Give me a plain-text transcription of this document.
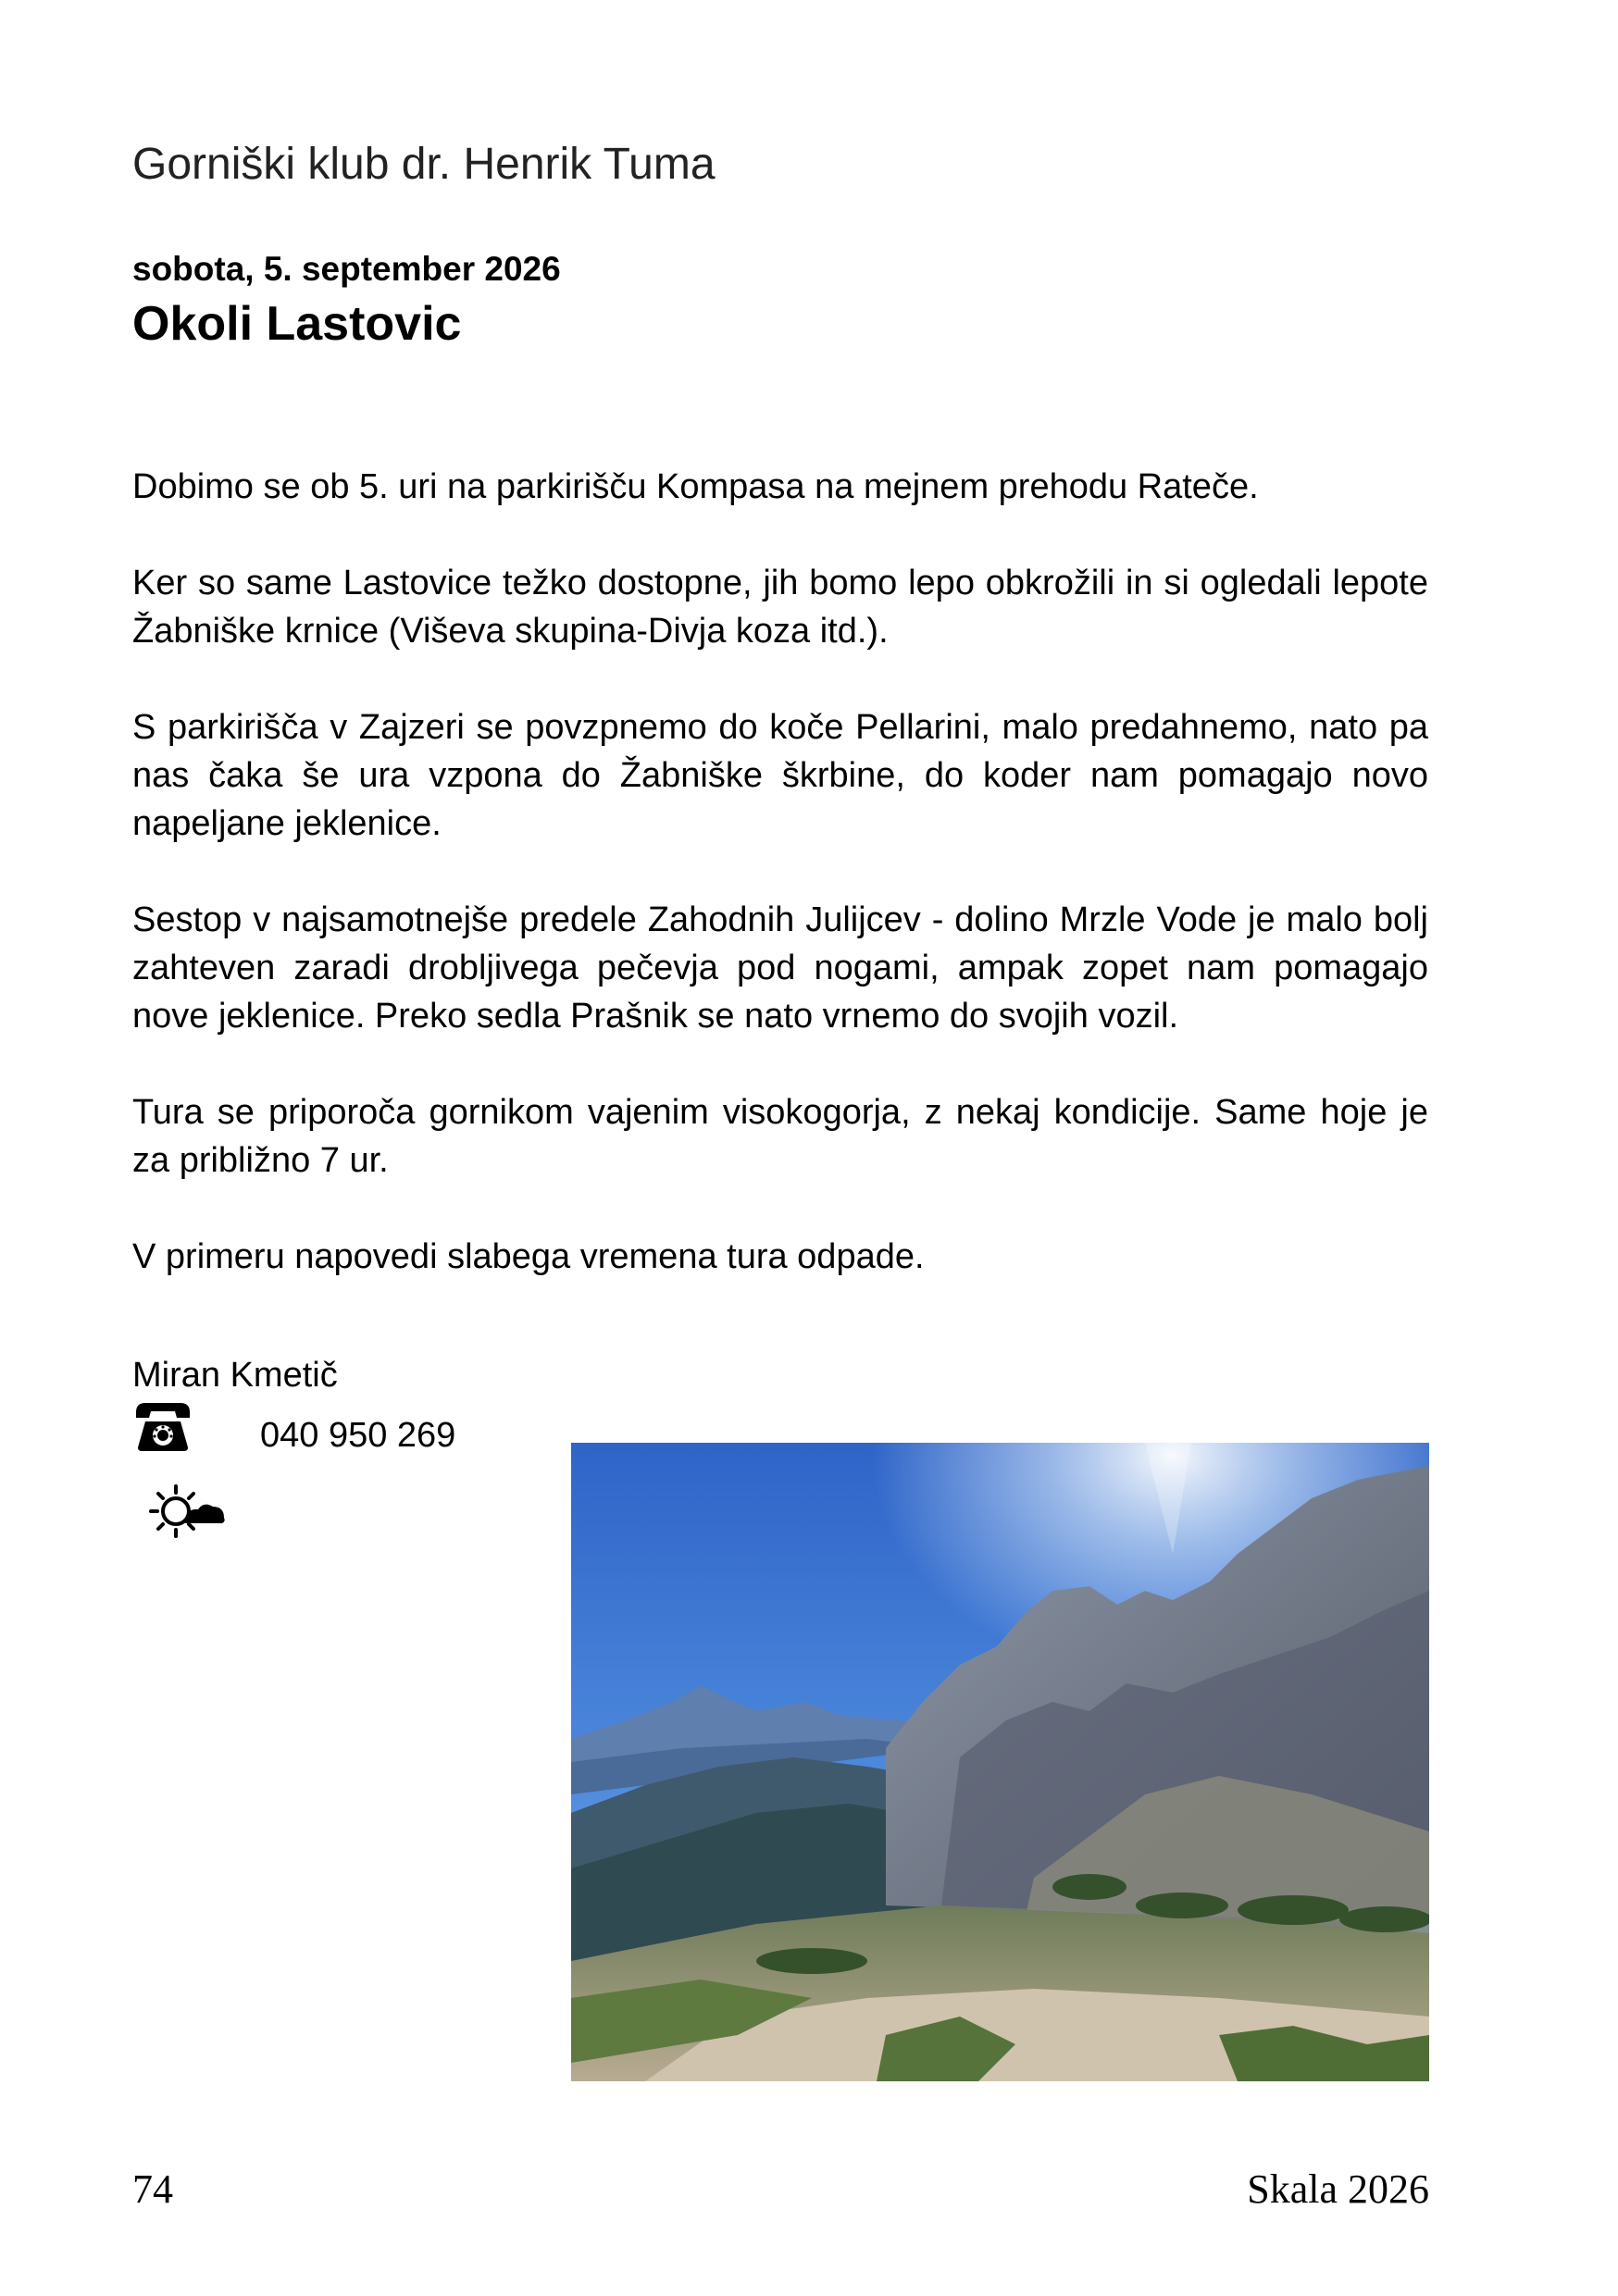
Gorniški klub dr. Henrik Tuma
sobota, 5. september 2026
Okoli Lastovic

Dobimo se ob 5. uri na parkirišču Kompasa na mejnem prehodu Rateče.

Ker so same Lastovice težko dostopne, jih bomo lepo obkrožili in si ogledali lepote Žabniške krnice (Viševa skupina-Divja koza itd.).

S parkirišča v Zajzeri se povzpnemo do koče Pellarini, malo predahnemo, nato pa nas čaka še ura vzpona do Žabniške škrbine, do koder nam pomagajo novo napeljane jeklenice.

Sestop v najsamotnejše predele Zahodnih Julijcev - dolino Mrzle Vode je malo bolj zahteven zaradi drobljivega pečevja pod nogami, ampak zopet nam pomagajo nove jeklenice. Preko sedla Prašnik se nato vrnemo do svojih vozil.

Tura se priporoča gornikom vajenim visokogorja, z nekaj kondicije. Same hoje je za približno 7 ur.

V primeru napovedi slabega vremena tura odpade.

Miran Kmetič
040 950 269
74	Skala 2026
